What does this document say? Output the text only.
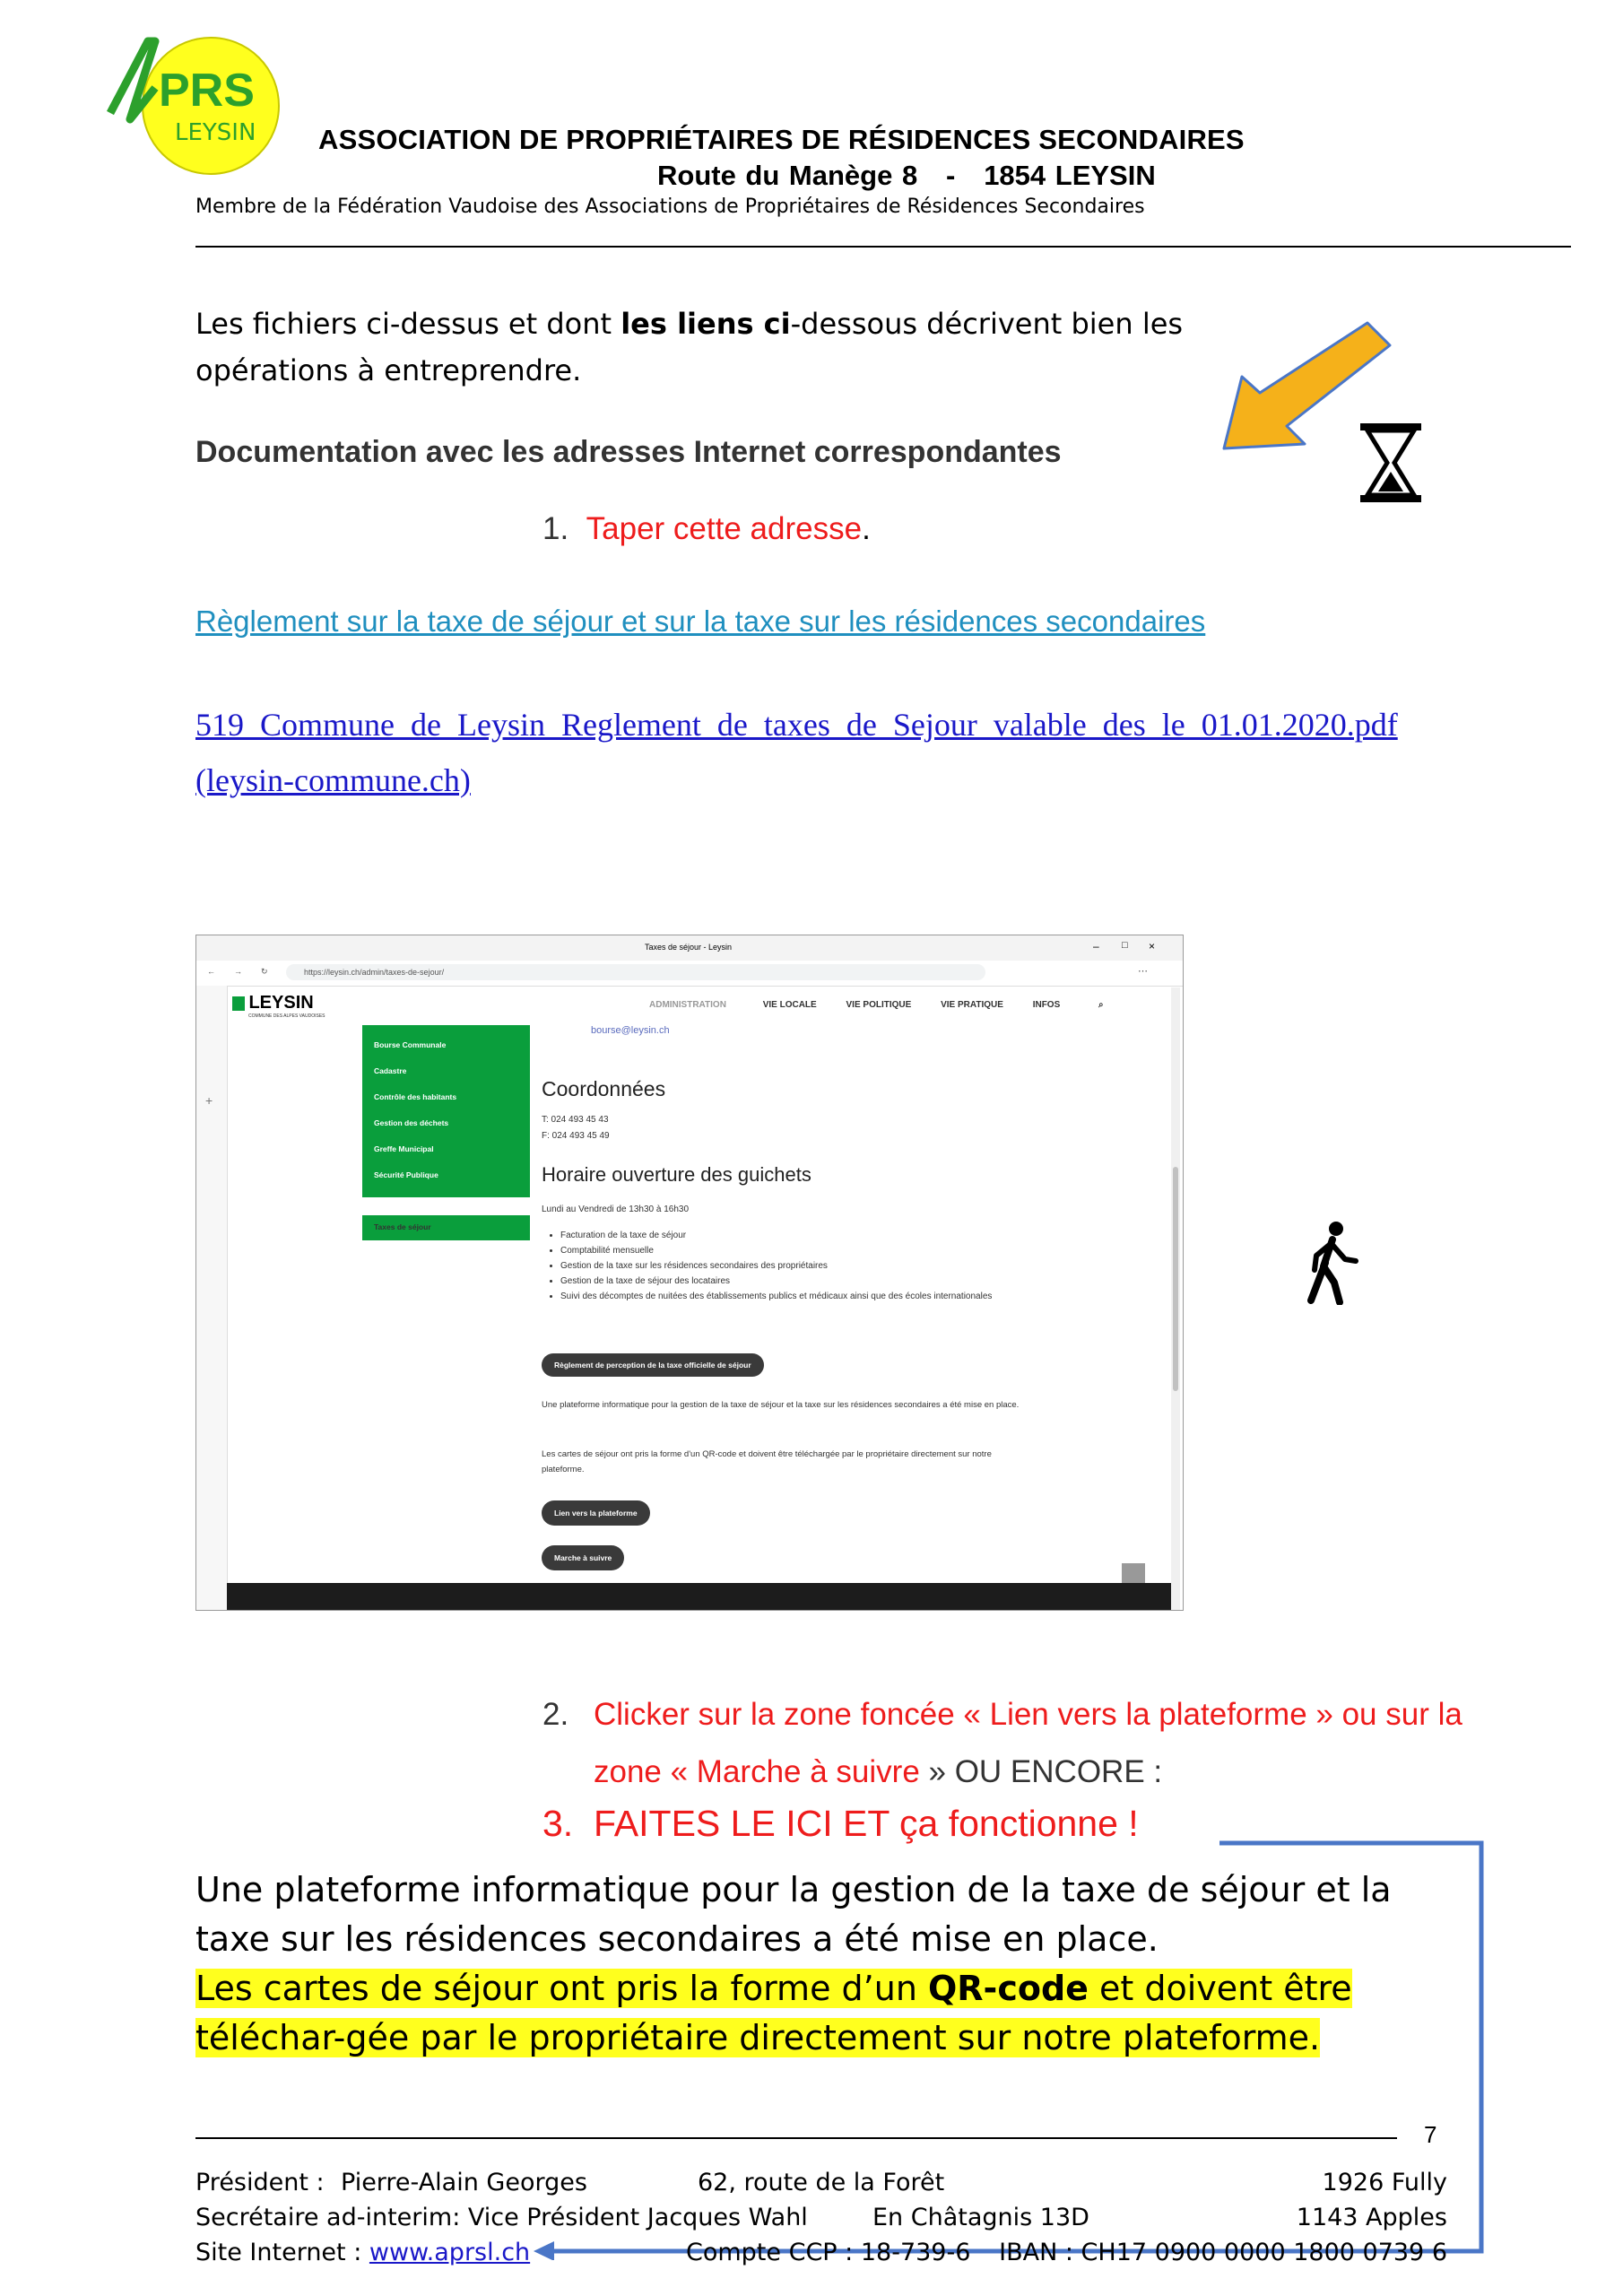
PRS
LEYSIN ASSOCIATION DE PROPRIÉTAIRES DE RÉSIDENCES SECONDAIRES
Route du Manège 8   -   1854 LEYSIN
Membre de la Fédération Vaudoise des Associations de Propriétaires de Résidences Secondaires
Les fichiers ci-dessus et dont les liens ci-dessous décrivent bien les opérations à entreprendre.
Documentation avec les adresses Internet correspondantes
1. Taper cette adresse.
Règlement sur la taxe de séjour et sur la taxe sur les résidences secondaires
519_Commune_de_Leysin_Reglement_de_taxes_de_Sejour_valable_des_le_01.01.2020.pdf (leysin-commune.ch)
Taxes de séjour - Leysin	– □ ×
← → ↻	https://leysin.ch/admin/taxes-de-sejour/	⋯
+
LEYSIN
COMMUNE DES ALPES VAUDOISES
ADMINISTRATION	VIE LOCALE	VIE POLITIQUE	VIE PRATIQUE	INFOS	⌕
Bourse Communale
Cadastre
Contrôle des habitants
Gestion des déchets
Greffe Municipal
Sécurité Publique
Services
Taxes de séjour
Règlements
bourse@leysin.ch
Coordonnées
T: 024 493 45 43
F: 024 493 45 49
Horaire ouverture des guichets
Lundi au Vendredi de 13h30 à 16h30
• Facturation de la taxe de séjour
• Comptabilité mensuelle
• Gestion de la taxe sur les résidences secondaires des propriétaires
• Gestion de la taxe de séjour des locataires
• Suivi des décomptes de nuitées des établissements publics et médicaux ainsi que des écoles internationales
Règlement de perception de la taxe officielle de séjour
Une plateforme informatique pour la gestion de la taxe de séjour et la taxe sur les résidences secondaires a été mise en place.
Les cartes de séjour ont pris la forme d'un QR-code et doivent être téléchargée par le propriétaire directement sur notre plateforme.
Lien vers la plateforme
Marche à suivre
2. Clicker sur la zone foncée « Lien vers la plateforme » ou sur la zone « Marche à suivre » OU ENCORE :
3. FAITES LE ICI ET ça fonctionne !
Une plateforme informatique pour la gestion de la taxe de séjour et la taxe sur les résidences secondaires a été mise en place.
Les cartes de séjour ont pris la forme d’un QR-code et doivent être téléchar-gée par le propriétaire directement sur notre plateforme.
7
Président : Pierre-Alain Georges	62, route de la Forêt	1926 Fully
Secrétaire ad-interim: Vice Président Jacques Wahl	En Châtagnis 13D	1143 Apples
Site Internet : www.aprsl.ch	Compte CCP : 18-739-6 IBAN : CH17 0900 0000 1800 0739 6
